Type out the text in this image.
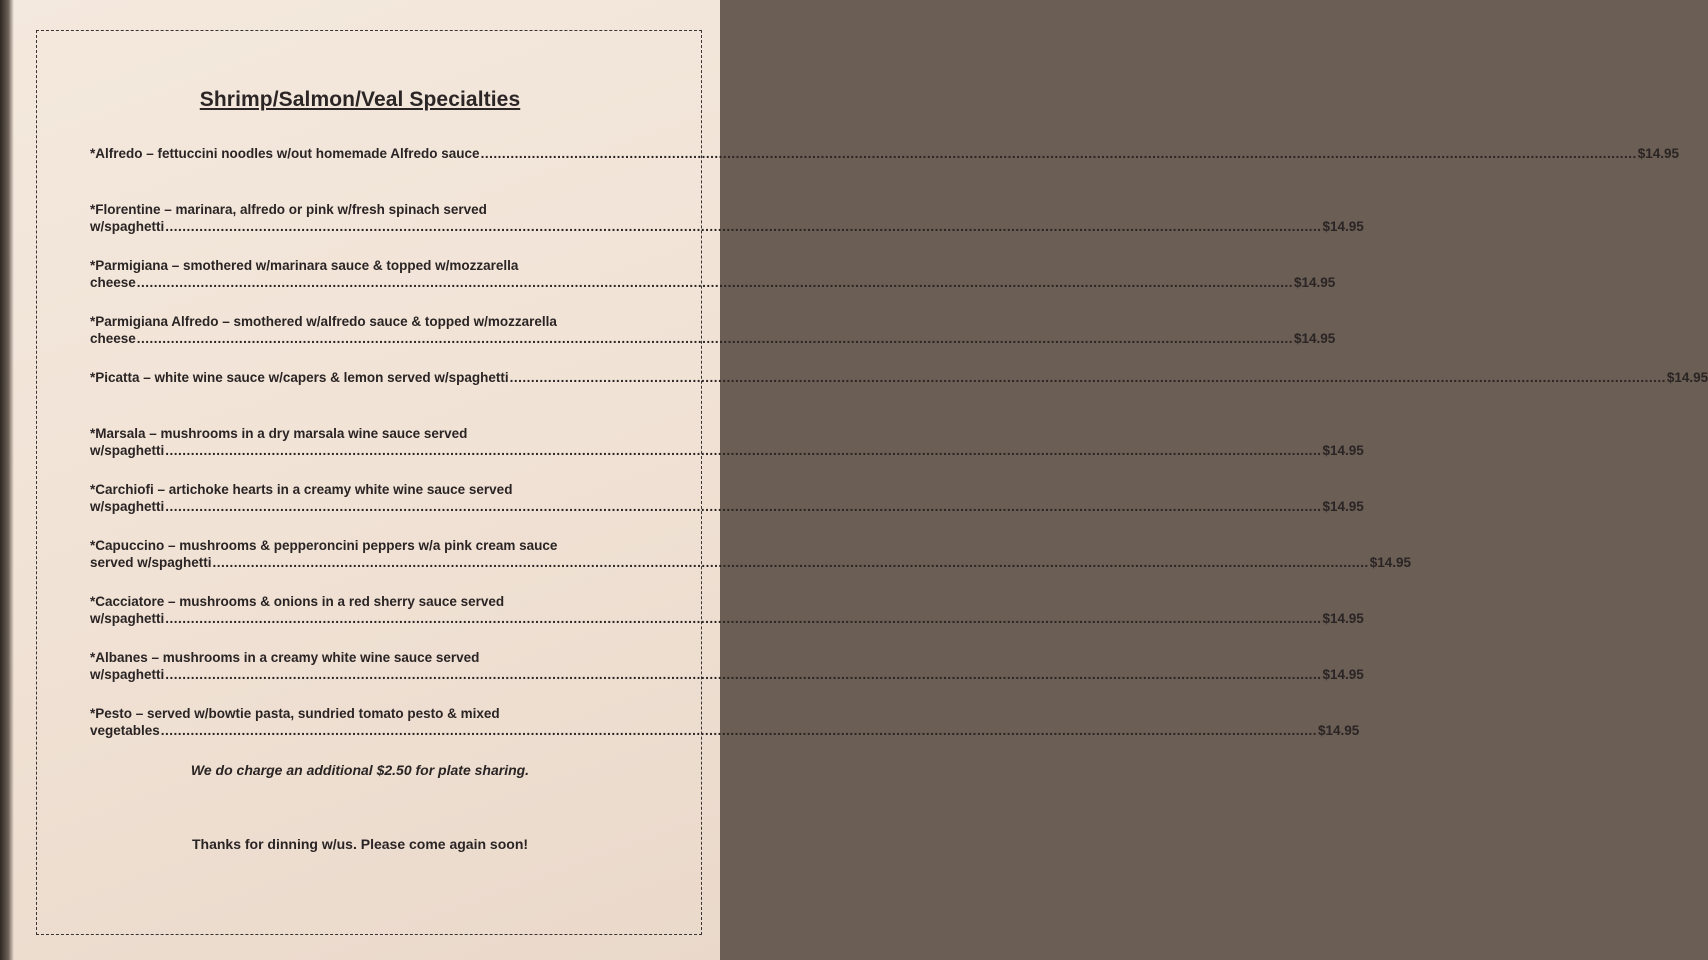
Shrimp/Salmon/Veal Specialties
*Alfredo – fettuccini noodles w/out homemade Alfredo sauce ................................................................................................................................................................................................................................................................................ $14.95
*Florentine – marinara, alfredo or pink w/fresh spinach served
w/spaghetti ................................................................................................................................................................................................................................................................................ $14.95
*Parmigiana – smothered w/marinara sauce & topped w/mozzarella
cheese ................................................................................................................................................................................................................................................................................ $14.95
*Parmigiana Alfredo – smothered w/alfredo sauce & topped w/mozzarella
cheese ................................................................................................................................................................................................................................................................................ $14.95
*Picatta – white wine sauce w/capers & lemon served w/spaghetti ................................................................................................................................................................................................................................................................................ $14.95
*Marsala – mushrooms in a dry marsala wine sauce served
w/spaghetti ................................................................................................................................................................................................................................................................................ $14.95
*Carchiofi – artichoke hearts in a creamy white wine sauce served
w/spaghetti ................................................................................................................................................................................................................................................................................ $14.95
*Capuccino – mushrooms & pepperoncini peppers w/a pink cream sauce
served w/spaghetti ................................................................................................................................................................................................................................................................................ $14.95
*Cacciatore – mushrooms & onions in a red sherry sauce served
w/spaghetti ................................................................................................................................................................................................................................................................................ $14.95
*Albanes – mushrooms in a creamy white wine sauce served
w/spaghetti ................................................................................................................................................................................................................................................................................ $14.95
*Pesto – served w/bowtie pasta, sundried tomato pesto & mixed
vegetables ................................................................................................................................................................................................................................................................................ $14.95
We do charge an additional $2.50 for plate sharing.
Thanks for dinning w/us. Please come again soon!
